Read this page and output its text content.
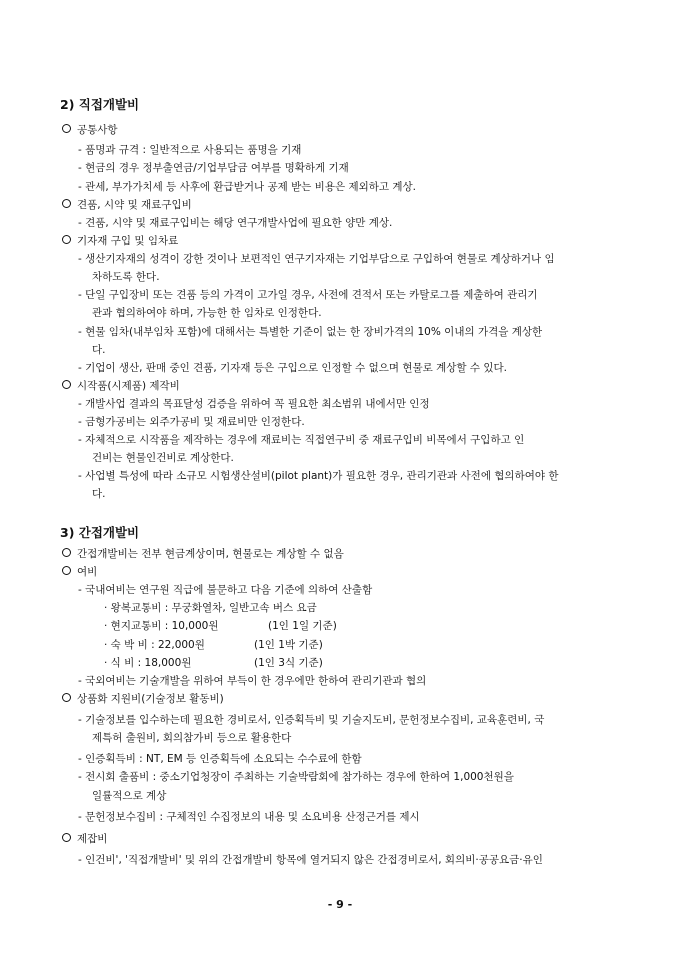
2) 직접개발비
공통사항
- 품명과 규격 : 일반적으로 사용되는 품명을 기재
- 현금의 경우 정부출연금/기업부담금 여부를 명확하게 기재
- 관세, 부가가치세 등 사후에 환급받거나 공제 받는 비용은 제외하고 계상.
견품, 시약 및 재료구입비
- 견품, 시약 및 재료구입비는 해당 연구개발사업에 필요한 양만 계상.
기자재 구입 및 임차료
- 생산기자재의 성격이 강한 것이나 보편적인 연구기자재는 기업부담으로 구입하여 현물로 계상하거나 임
차하도록 한다.
- 단일 구입장비 또는 견품 등의 가격이 고가일 경우, 사전에 견적서 또는 카탈로그를 제출하여 관리기
관과 협의하여야 하며, 가능한 한 임차로 인정한다.
- 현물 임차(내부임차 포함)에 대해서는 특별한 기준이 없는 한 장비가격의 10% 이내의 가격을 계상한
다.
- 기업이 생산, 판매 중인 견품, 기자재 등은 구입으로 인정할 수 없으며 현물로 계상할 수 있다.
시작품(시제품) 제작비
- 개발사업 결과의 목표달성 검증을 위하여 꼭 필요한 최소범위 내에서만 인정
- 금형가공비는 외주가공비 및 재료비만 인정한다.
- 자체적으로 시작품을 제작하는 경우에 재료비는 직접연구비 중 재료구입비 비목에서 구입하고 인
건비는 현물인건비로 계상한다.
- 사업별 특성에 따라 소규모 시험생산설비(pilot plant)가 필요한 경우, 관리기관과 사전에 협의하여야 한
다.
3) 간접개발비
간접개발비는 전부 현금계상이며, 현물로는 계상할 수 없음
여비
- 국내여비는 연구원 직급에 불문하고 다음 기준에 의하여 산출함
· 왕복교통비 : 무궁화열차, 일반고속 버스 요금
· 현지교통비 : 10,000원	(1인 1일 기준)
· 숙 박 비 : 22,000원	(1인 1박 기준)
· 식 비 : 18,000원	(1인 3식 기준)
- 국외여비는 기술개발을 위하여 부득이 한 경우에만 한하여 관리기관과 협의
상품화 지원비(기술정보 활동비)
- 기술정보를 입수하는데 필요한 경비로서, 인증획득비 및 기술지도비, 문헌정보수집비, 교육훈련비, 국
제특허 출원비, 회의참가비 등으로 활용한다
- 인증획득비 : NT, EM 등 인증획득에 소요되는 수수료에 한함
- 전시회 출품비 : 중소기업청장이 주최하는 기술박람회에 참가하는 경우에 한하여 1,000천원을
일률적으로 계상
- 문헌정보수집비 : 구체적인 수집정보의 내용 및 소요비용 산정근거를 제시
제잡비
- 인건비', '직접개발비' 및 위의 간접개발비 항목에 열거되지 않은 간접경비로서, 회의비·공공요금·유인
- 9 -
